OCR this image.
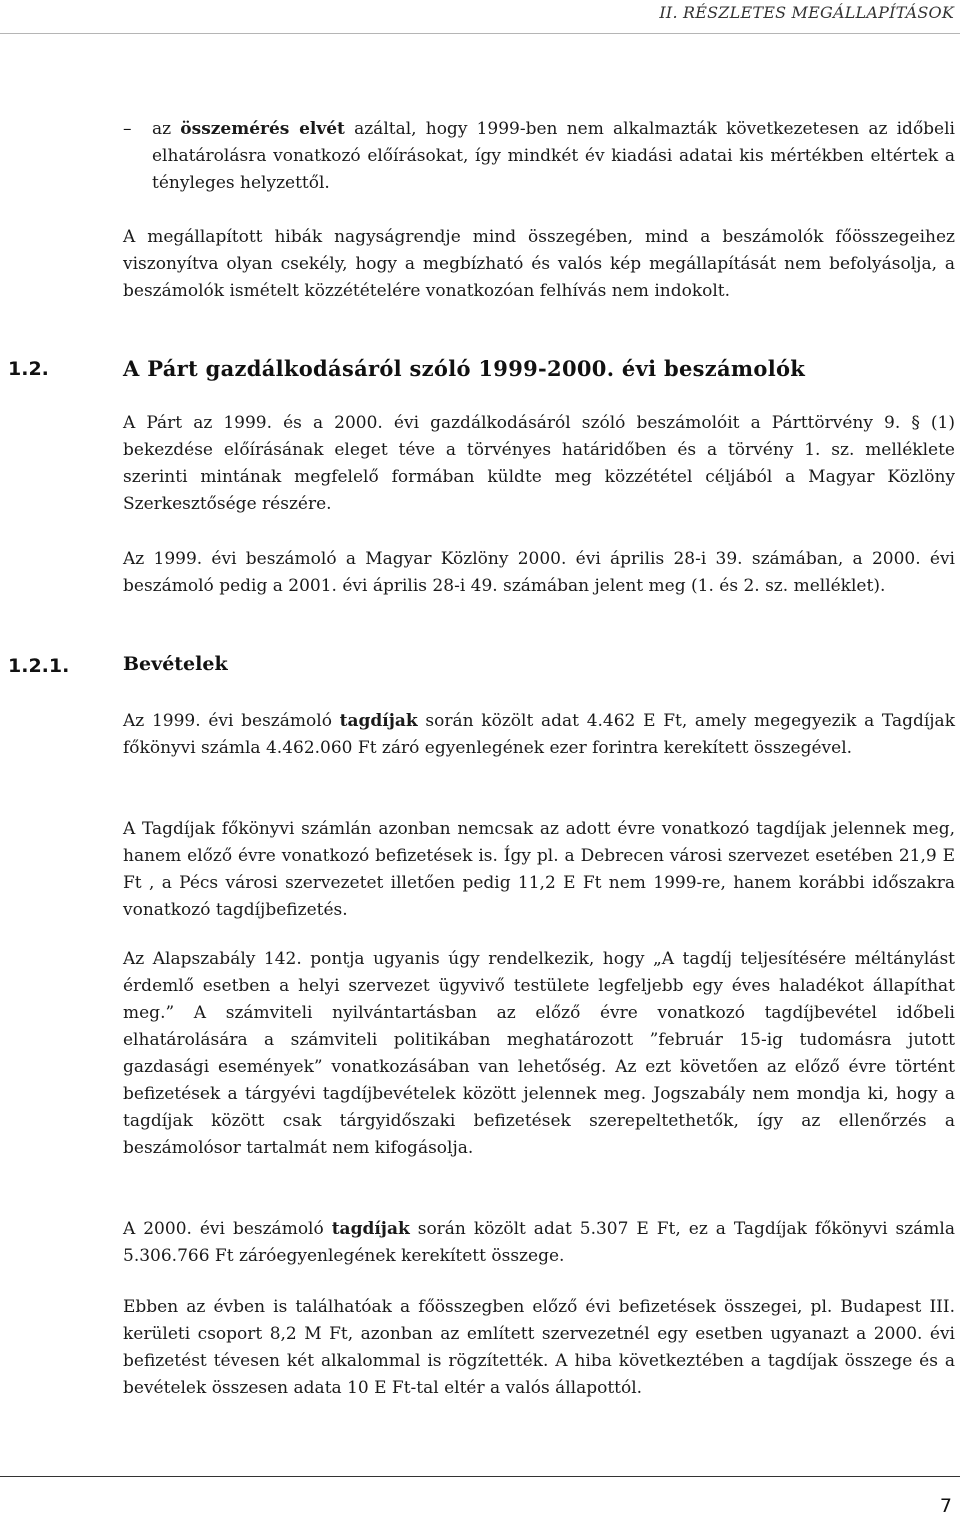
II. RÉSZLETES MEGÁLLAPÍTÁSOK
– az összemérés elvét azáltal, hogy 1999-ben nem alkalmazták következetesen az időbeli elhatárolásra vonatkozó előírásokat, így mindkét év kiadási adatai kis mértékben eltértek a tényleges helyzettől.
A megállapított hibák nagyságrendje mind összegében, mind a beszámolók főösszegeihez viszonyítva olyan csekély, hogy a megbízható és valós kép megállapítását nem befolyásolja, a beszámolók ismételt közzétételére vonatkozóan felhívás nem indokolt.
1.2.	A Párt gazdálkodásáról szóló 1999-2000. évi beszámolók
A Párt az 1999. és a 2000. évi gazdálkodásáról szóló beszámolóit a Párttörvény 9. § (1) bekezdése előírásának eleget téve a törvényes határidőben és a törvény 1. sz. melléklete szerinti mintának megfelelő formában küldte meg közzététel céljából a Magyar Közlöny Szerkesztősége részére.
Az 1999. évi beszámoló a Magyar Közlöny 2000. évi április 28-i 39. számában, a 2000. évi beszámoló pedig a 2001. évi április 28-i 49. számában jelent meg (1. és 2. sz. melléklet).
1.2.1.	Bevételek
Az 1999. évi beszámoló tagdíjak során közölt adat 4.462 E Ft, amely megegyezik a Tagdíjak főkönyvi számla 4.462.060 Ft záró egyenlegének ezer forintra kerekített összegével.
A Tagdíjak főkönyvi számlán azonban nemcsak az adott évre vonatkozó tagdíjak jelennek meg, hanem előző évre vonatkozó befizetések is. Így pl. a Debrecen városi szervezet esetében 21,9 E Ft , a Pécs városi szervezetet illetően pedig 11,2 E Ft nem 1999-re, hanem korábbi időszakra vonatkozó tagdíjbefizetés.
Az Alapszabály 142. pontja ugyanis úgy rendelkezik, hogy „A tagdíj teljesítésére méltánylást érdemlő esetben a helyi szervezet ügyvivő testülete legfeljebb egy éves haladékot állapíthat meg.” A számviteli nyilvántartásban az előző évre vonatkozó tagdíjbevétel időbeli elhatárolására a számviteli politikában meghatározott ”február 15-ig tudomásra jutott gazdasági események” vonatkozásában van lehetőség. Az ezt követően az előző évre történt befizetések a tárgyévi tagdíjbevételek között jelennek meg. Jogszabály nem mondja ki, hogy a tagdíjak között csak tárgyidőszaki befizetések szerepeltethetők, így az ellenőrzés a beszámolósor tartalmát nem kifogásolja.
A 2000. évi beszámoló tagdíjak során közölt adat 5.307 E Ft, ez a Tagdíjak főkönyvi számla 5.306.766 Ft záróegyenlegének kerekített összege.
Ebben az évben is találhatóak a főösszegben előző évi befizetések összegei, pl. Budapest III. kerületi csoport 8,2 M Ft, azonban az említett szervezetnél egy esetben ugyanazt a 2000. évi befizetést tévesen két alkalommal is rögzítették. A hiba következtében a tagdíjak összege és a bevételek összesen adata 10 E Ft-tal eltér a valós állapottól.
7
